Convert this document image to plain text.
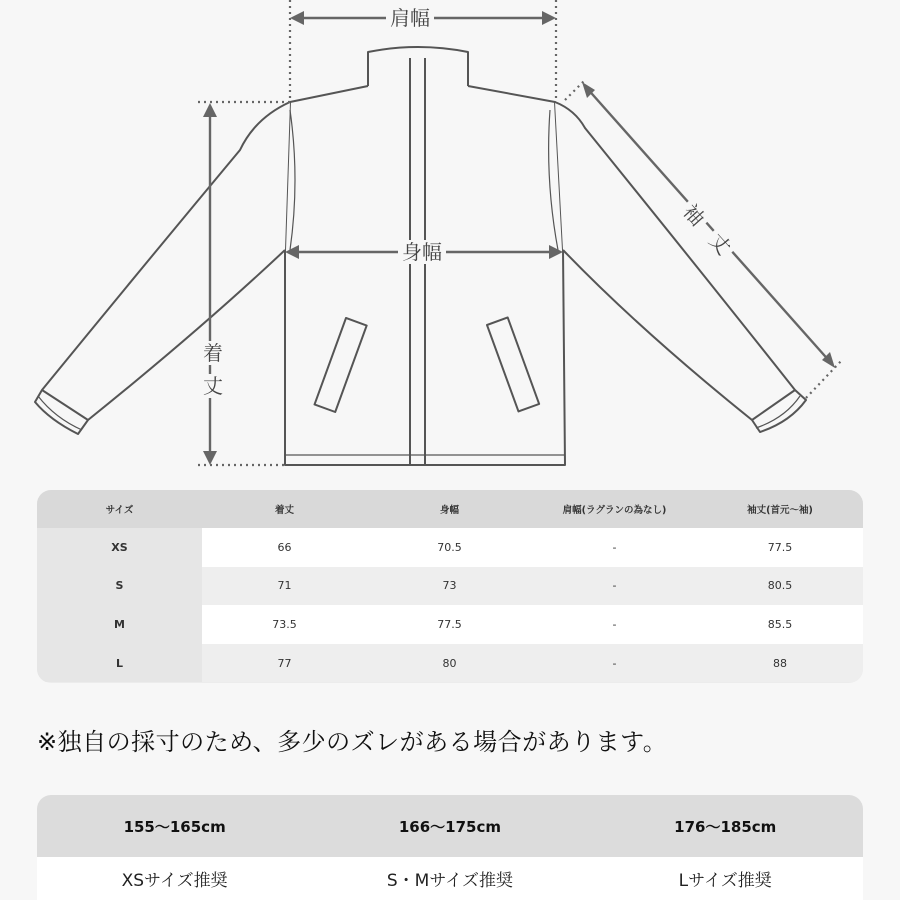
肩幅
身幅
着
丈
袖
丈
サイズ	着丈	身幅	肩幅(ラグランの為なし)	袖丈(首元〜袖)
XS	66	70.5	-	77.5
S	71	73	-	80.5
M	73.5	77.5	-	85.5
L	77	80	-	88
※独自の採寸のため、多少のズレがある場合があります。
155〜165cm	166〜175cm	176〜185cm
XSサイズ推奨	S・Mサイズ推奨	Lサイズ推奨
